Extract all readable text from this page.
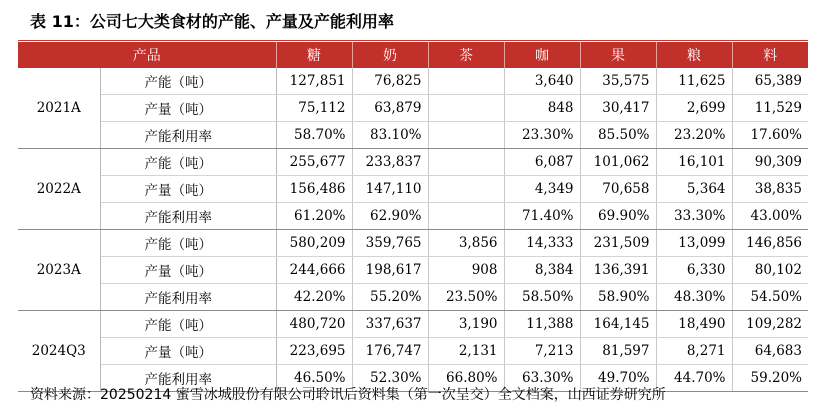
表 11：公司七大类食材的产能、产量及产能利用率
产品		糖	奶	茶	咖	果	粮	料
2021A	产能（吨）	127,851	76,825		3,640	35,575	11,625	65,389
	产量（吨）	75,112	63,879		848	30,417	2,699	11,529
	产能利用率	58.70%	83.10%		23.30%	85.50%	23.20%	17.60%
2022A	产能（吨）	255,677	233,837		6,087	101,062	16,101	90,309
	产量（吨）	156,486	147,110		4,349	70,658	5,364	38,835
	产能利用率	61.20%	62.90%		71.40%	69.90%	33.30%	43.00%
2023A	产能（吨）	580,209	359,765	3,856	14,333	231,509	13,099	146,856
	产量（吨）	244,666	198,617	908	8,384	136,391	6,330	80,102
	产能利用率	42.20%	55.20%	23.50%	58.50%	58.90%	48.30%	54.50%
2024Q3	产能（吨）	480,720	337,637	3,190	11,388	164,145	18,490	109,282
	产量（吨）	223,695	176,747	2,131	7,213	81,597	8,271	64,683
	产能利用率	46.50%	52.30%	66.80%	63.30%	49.70%	44.70%	59.20%
资料来源：20250214 蜜雪冰城股份有限公司聆讯后资料集（第一次呈交）全文档案，山西证券研究所
